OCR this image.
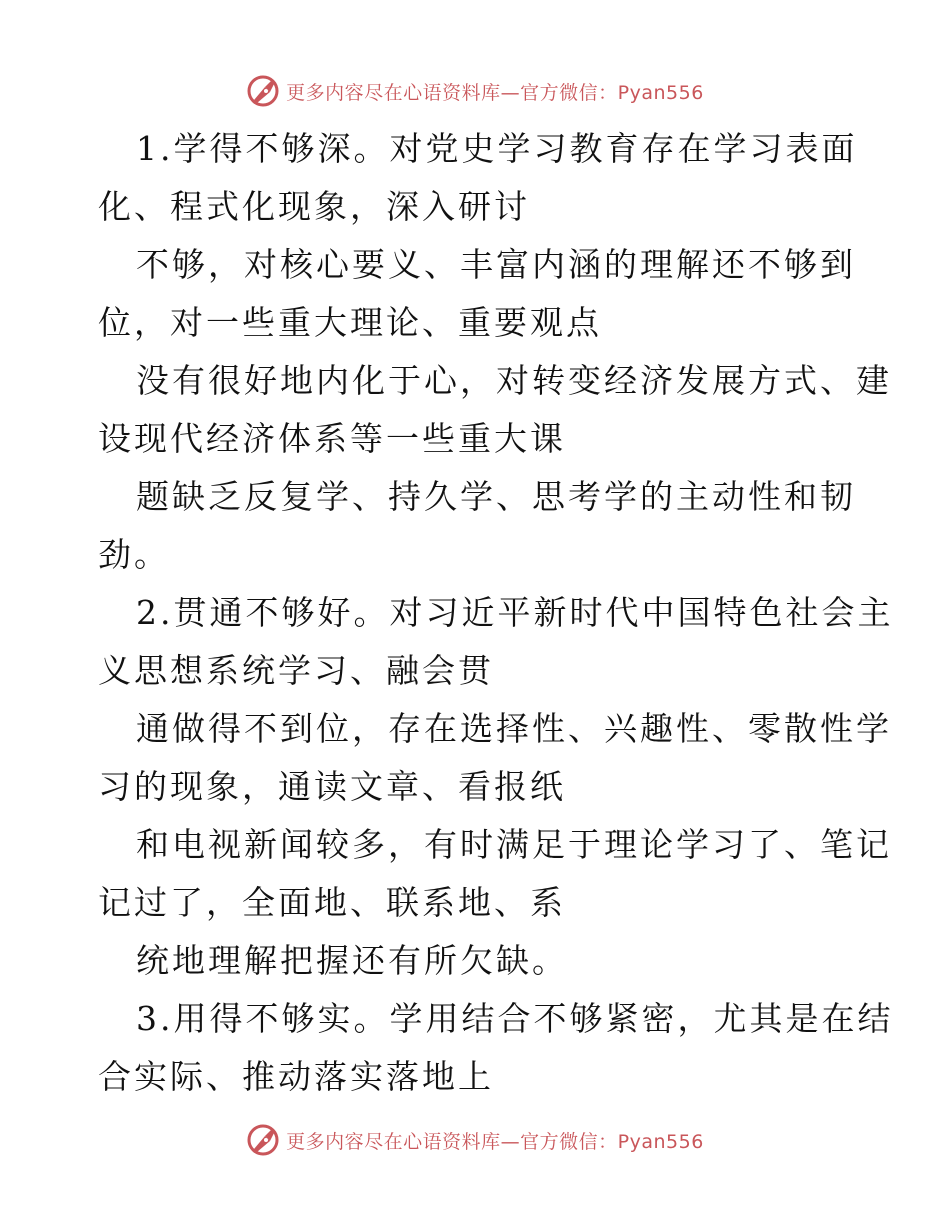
更多内容尽在心语资料库—官方微信：Pyan556
1.学得不够深。对党史学习教育存在学习表面
化、程式化现象，深入研讨
不够，对核心要义、丰富内涵的理解还不够到
位，对一些重大理论、重要观点
没有很好地内化于心，对转变经济发展方式、建
设现代经济体系等一些重大课
题缺乏反复学、持久学、思考学的主动性和韧
劲。
2.贯通不够好。对习近平新时代中国特色社会主
义思想系统学习、融会贯
通做得不到位，存在选择性、兴趣性、零散性学
习的现象，通读文章、看报纸
和电视新闻较多，有时满足于理论学习了、笔记
记过了，全面地、联系地、系
统地理解把握还有所欠缺。
3.用得不够实。学用结合不够紧密，尤其是在结
合实际、推动落实落地上
更多内容尽在心语资料库—官方微信：Pyan556
